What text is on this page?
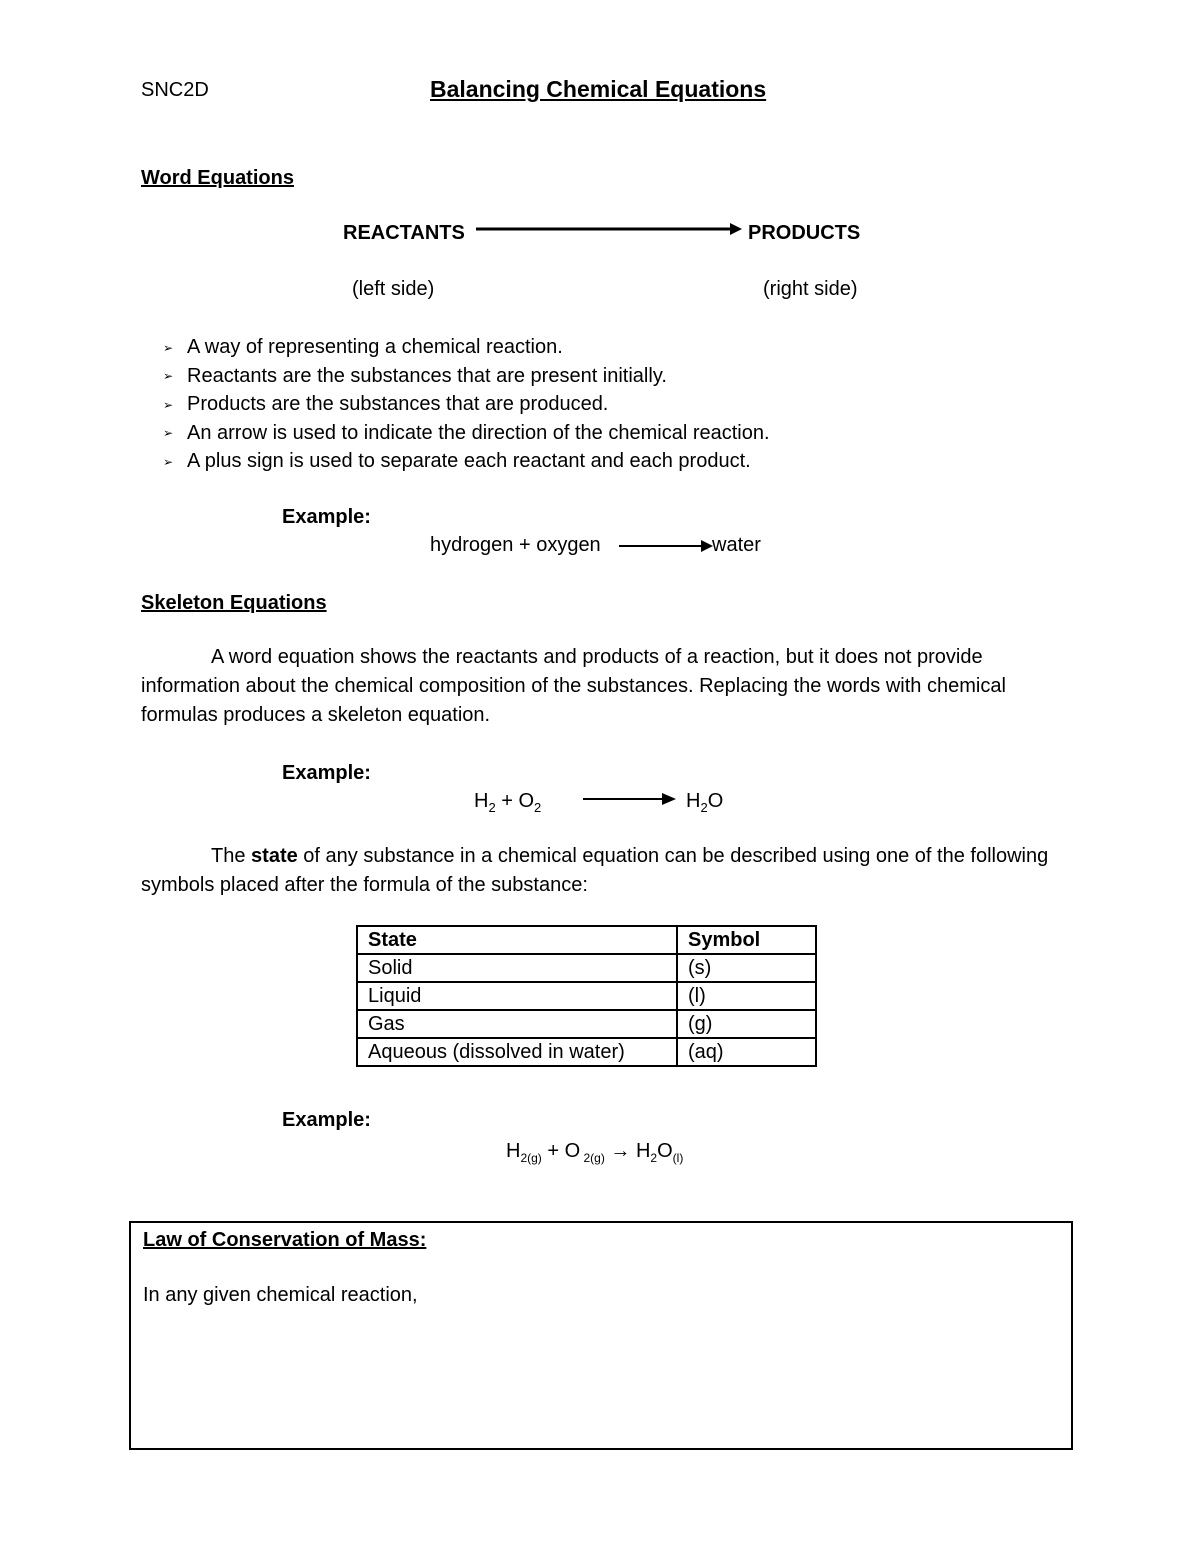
SNC2D	Balancing Chemical Equations
Word Equations
REACTANTS	PRODUCTS
(left side)	(right side)
➢ A way of representing a chemical reaction.
➢ Reactants are the substances that are present initially.
➢ Products are the substances that are produced.
➢ An arrow is used to indicate the direction of the chemical reaction.
➢ A plus sign is used to separate each reactant and each product.
Example:
hydrogen + oxygen	water
Skeleton Equations
A word equation shows the reactants and products of a reaction, but it does not provide information about the chemical composition of the substances. Replacing the words with chemical formulas produces a skeleton equation.
Example:
$H_2 + O_2$	$H_2O$
The state of any substance in a chemical equation can be described using one of the following symbols placed after the formula of the substance:
State	Symbol
Solid	(s)
Liquid	(l)
Gas	(g)
Aqueous (dissolved in water)	(aq)
Example:
$H_{2(g)} + O$ $_{2(g)} \to H_2O_{(l)}$
Law of Conservation of Mass:
In any given chemical reaction,
